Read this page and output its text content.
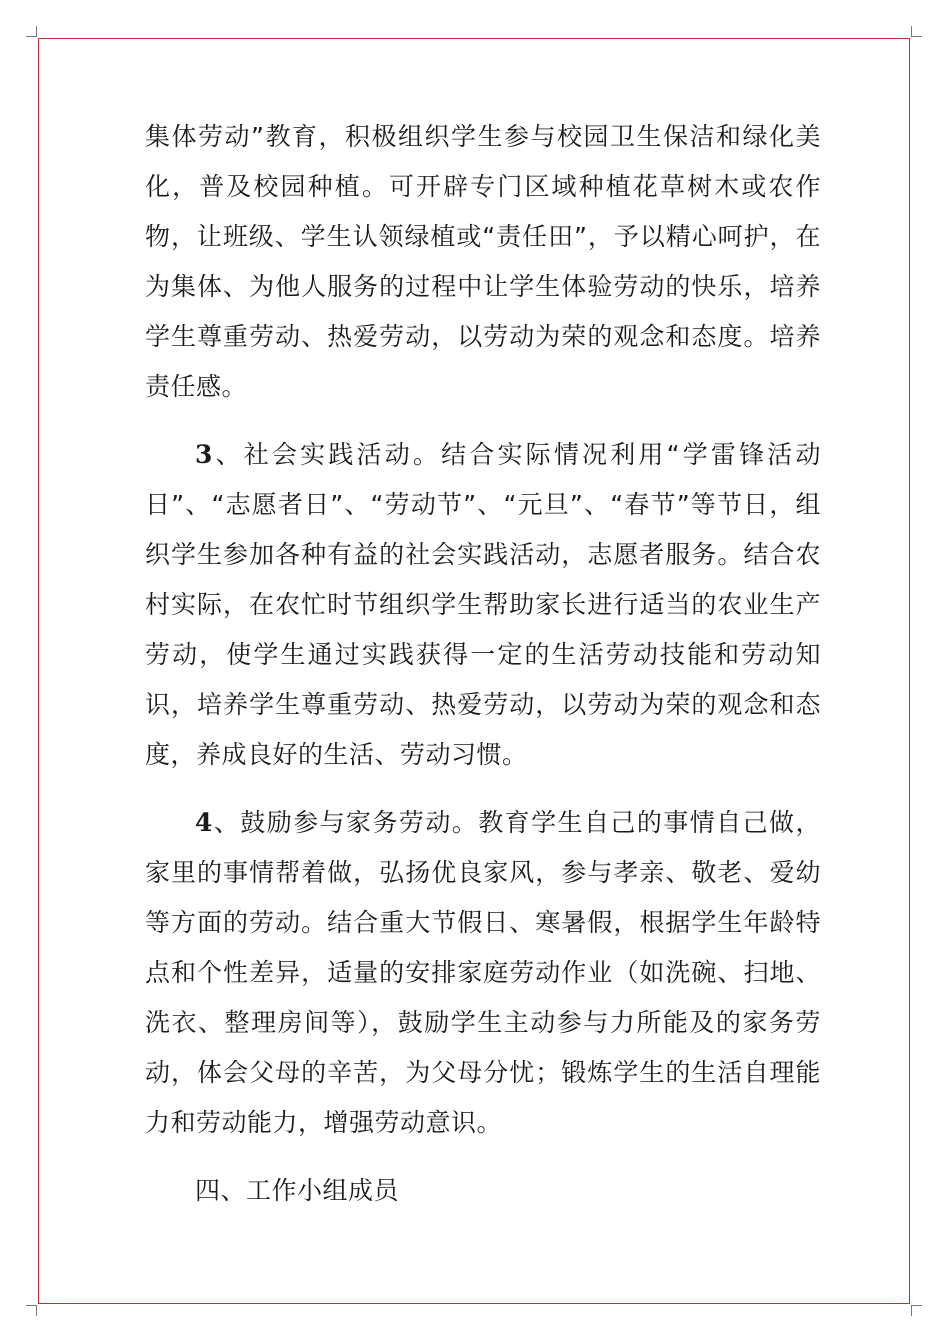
集体劳动”教育，积极组织学生参与校园卫生保洁和绿化美化，普及校园种植。可开辟专门区域种植花草树木或农作物，让班级、学生认领绿植或“责任田”，予以精心呵护，在为集体、为他人服务的过程中让学生体验劳动的快乐，培养学生尊重劳动、热爱劳动，以劳动为荣的观念和态度。培养责任感。

3、社会实践活动。结合实际情况利用“学雷锋活动日”、“志愿者日”、“劳动节”、“元旦”、“春节”等节日，组织学生参加各种有益的社会实践活动，志愿者服务。结合农村实际，在农忙时节组织学生帮助家长进行适当的农业生产劳动，使学生通过实践获得一定的生活劳动技能和劳动知识，培养学生尊重劳动、热爱劳动，以劳动为荣的观念和态度，养成良好的生活、劳动习惯。

4、鼓励参与家务劳动。教育学生自己的事情自己做，家里的事情帮着做，弘扬优良家风，参与孝亲、敬老、爱幼等方面的劳动。结合重大节假日、寒暑假，根据学生年龄特点和个性差异，适量的安排家庭劳动作业（如洗碗、扫地、洗衣、整理房间等），鼓励学生主动参与力所能及的家务劳动，体会父母的辛苦，为父母分忧；锻炼学生的生活自理能力和劳动能力，增强劳动意识。

四、工作小组成员
